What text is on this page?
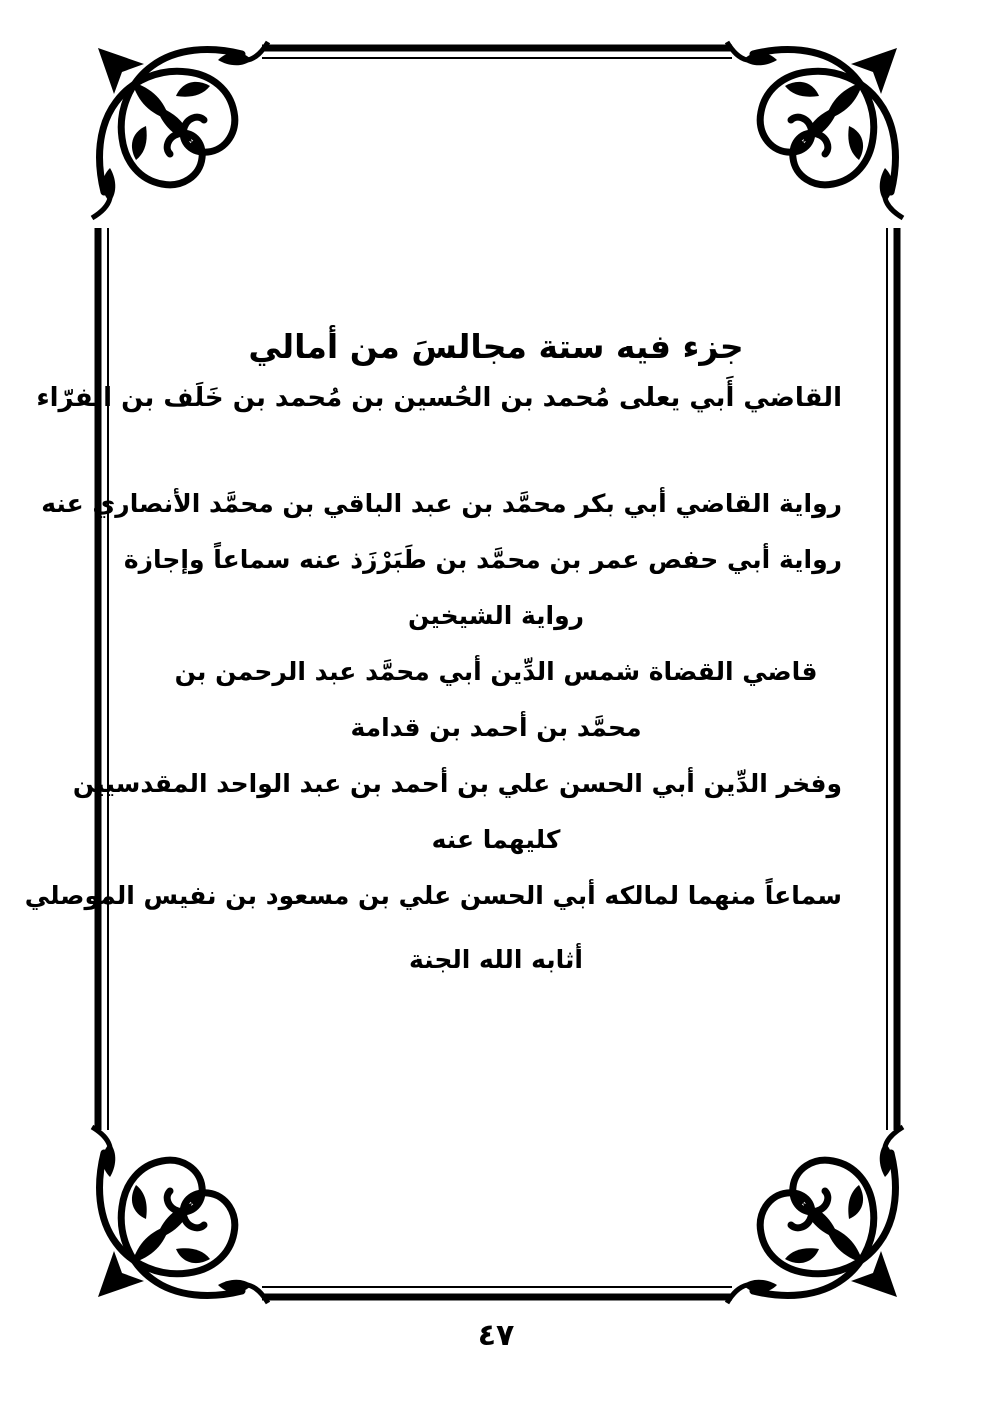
جزء فيه ستة مجالسَ من أمالي
القاضي أَبي يعلى مُحمد بن الحُسين بن مُحمد بن خَلَف بن الفرّاء

رواية القاضي أبي بكر محمَّد بن عبد الباقي بن محمَّد الأنصاري عنه

رواية أبي حفص عمر بن محمَّد بن طَبَرْزَذ عنه سماعاً وإجازة

رواية الشيخين

قاضي القضاة شمس الدِّين أبي محمَّد عبد الرحمن بن

محمَّد بن أحمد بن قدامة

وفخر الدِّين أبي الحسن علي بن أحمد بن عبد الواحد المقدسيين

كليهما عنه

سماعاً منهما لمالكه أبي الحسن علي بن مسعود بن نفيس الموصلي

أثابه الله الجنة

٤٧
